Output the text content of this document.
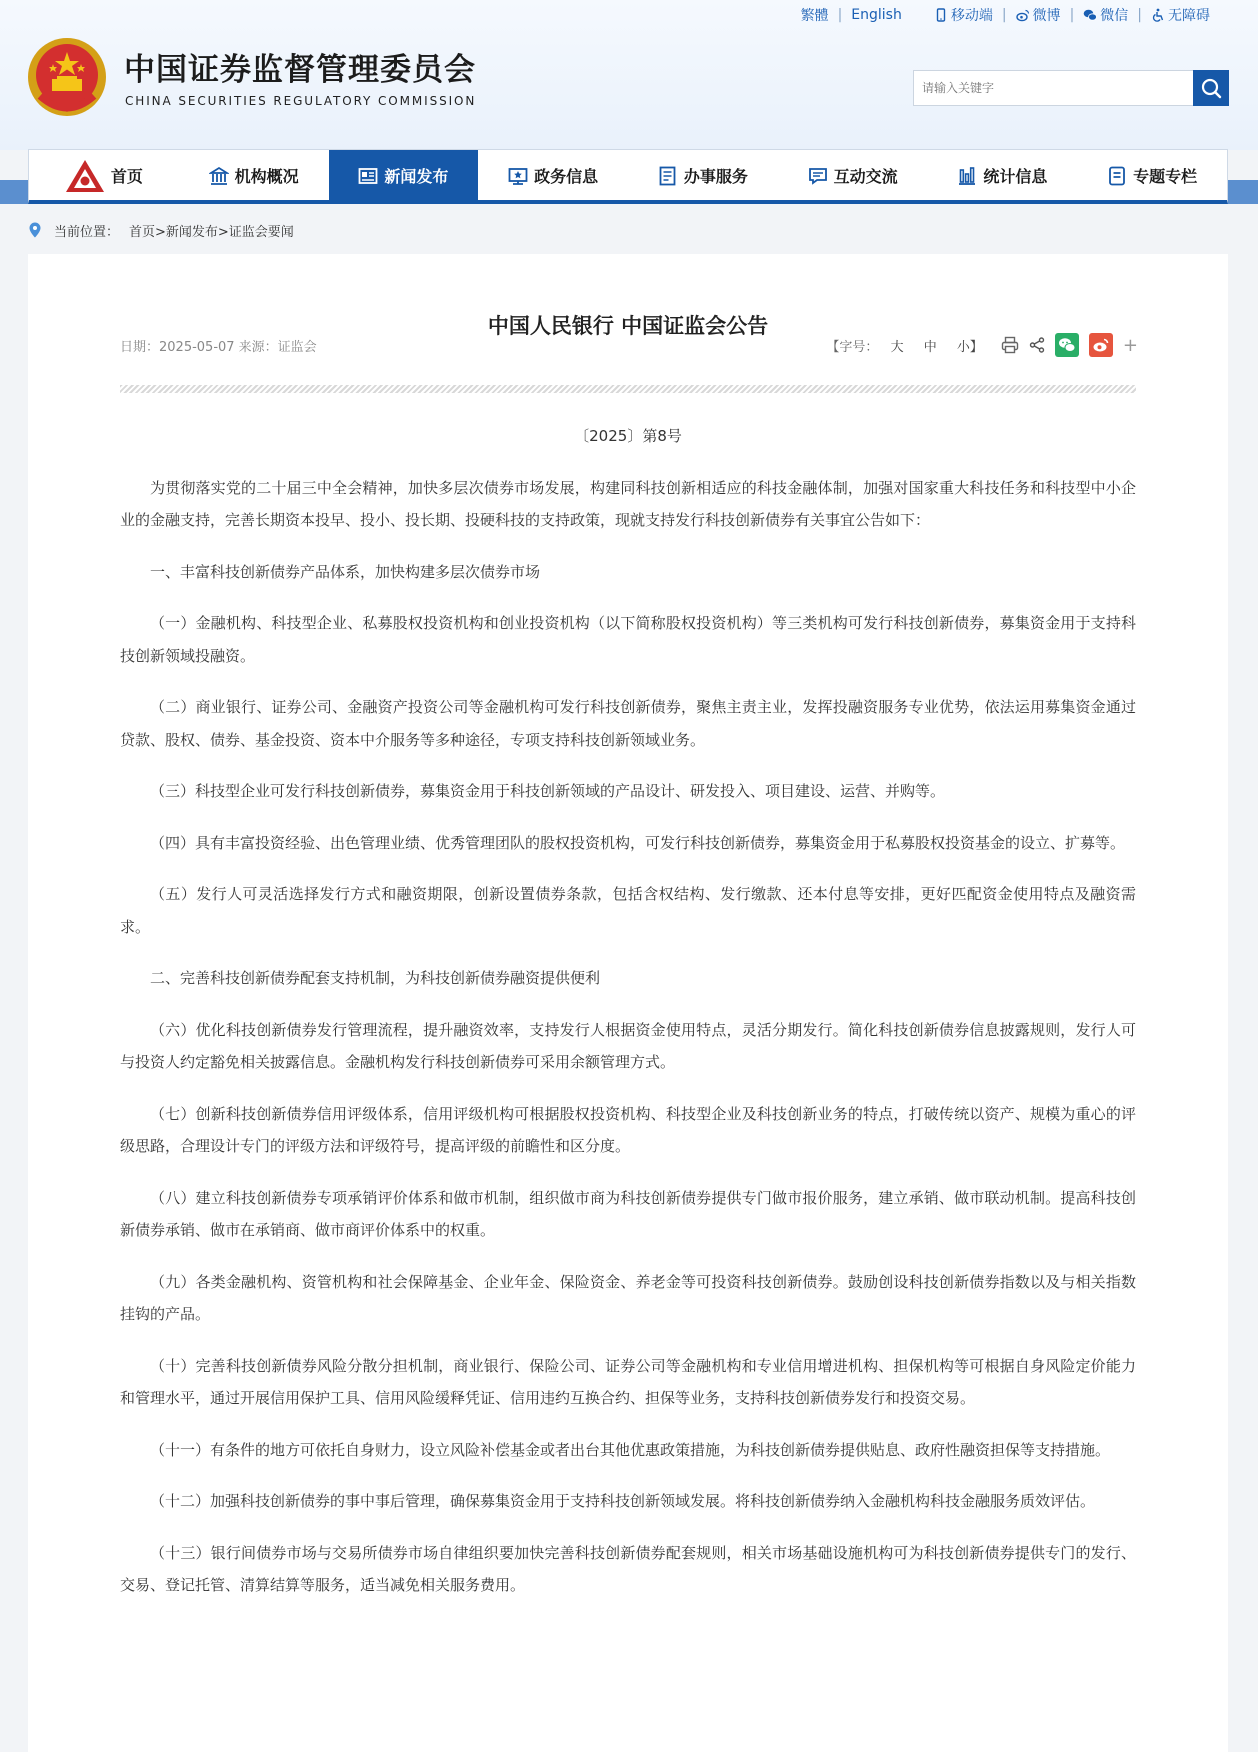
繁體 | English	移动端 | 微博 | 微信 | 无障碍
中国证券监督管理委员会
CHINA SECURITIES REGULATORY COMMISSION
请输入关键字
首页	机构概况	新闻发布	政务信息	办事服务	互动交流	统计信息	专题专栏
当前位置： 首页>新闻发布>证监会要闻
中国人民银行 中国证监会公告
日期：2025-05-07 来源：证监会	【字号： 大 中 小】	+

〔2025〕第8号

为贯彻落实党的二十届三中全会精神，加快多层次债券市场发展，构建同科技创新相适应的科技金融体制，加强对国家重大科技任务和科技型中小企业的金融支持，完善长期资本投早、投小、投长期、投硬科技的支持政策，现就支持发行科技创新债券有关事宜公告如下：

一、丰富科技创新债券产品体系，加快构建多层次债券市场

（一）金融机构、科技型企业、私募股权投资机构和创业投资机构（以下简称股权投资机构）等三类机构可发行科技创新债券，募集资金用于支持科技创新领域投融资。

（二）商业银行、证券公司、金融资产投资公司等金融机构可发行科技创新债券，聚焦主责主业，发挥投融资服务专业优势，依法运用募集资金通过贷款、股权、债券、基金投资、资本中介服务等多种途径，专项支持科技创新领域业务。

（三）科技型企业可发行科技创新债券，募集资金用于科技创新领域的产品设计、研发投入、项目建设、运营、并购等。

（四）具有丰富投资经验、出色管理业绩、优秀管理团队的股权投资机构，可发行科技创新债券，募集资金用于私募股权投资基金的设立、扩募等。

（五）发行人可灵活选择发行方式和融资期限，创新设置债券条款，包括含权结构、发行缴款、还本付息等安排，更好匹配资金使用特点及融资需求。

二、完善科技创新债券配套支持机制，为科技创新债券融资提供便利

（六）优化科技创新债券发行管理流程，提升融资效率，支持发行人根据资金使用特点，灵活分期发行。简化科技创新债券信息披露规则，发行人可与投资人约定豁免相关披露信息。金融机构发行科技创新债券可采用余额管理方式。

（七）创新科技创新债券信用评级体系，信用评级机构可根据股权投资机构、科技型企业及科技创新业务的特点，打破传统以资产、规模为重心的评级思路，合理设计专门的评级方法和评级符号，提高评级的前瞻性和区分度。

（八）建立科技创新债券专项承销评价体系和做市机制，组织做市商为科技创新债券提供专门做市报价服务，建立承销、做市联动机制。提高科技创新债券承销、做市在承销商、做市商评价体系中的权重。

（九）各类金融机构、资管机构和社会保障基金、企业年金、保险资金、养老金等可投资科技创新债券。鼓励创设科技创新债券指数以及与相关指数挂钩的产品。

（十）完善科技创新债券风险分散分担机制，商业银行、保险公司、证券公司等金融机构和专业信用增进机构、担保机构等可根据自身风险定价能力和管理水平，通过开展信用保护工具、信用风险缓释凭证、信用违约互换合约、担保等业务，支持科技创新债券发行和投资交易。

（十一）有条件的地方可依托自身财力，设立风险补偿基金或者出台其他优惠政策措施，为科技创新债券提供贴息、政府性融资担保等支持措施。

（十二）加强科技创新债券的事中事后管理，确保募集资金用于支持科技创新领域发展。将科技创新债券纳入金融机构科技金融服务质效评估。

（十三）银行间债券市场与交易所债券市场自律组织要加快完善科技创新债券配套规则，相关市场基础设施机构可为科技创新债券提供专门的发行、交易、登记托管、清算结算等服务，适当减免相关服务费用。
